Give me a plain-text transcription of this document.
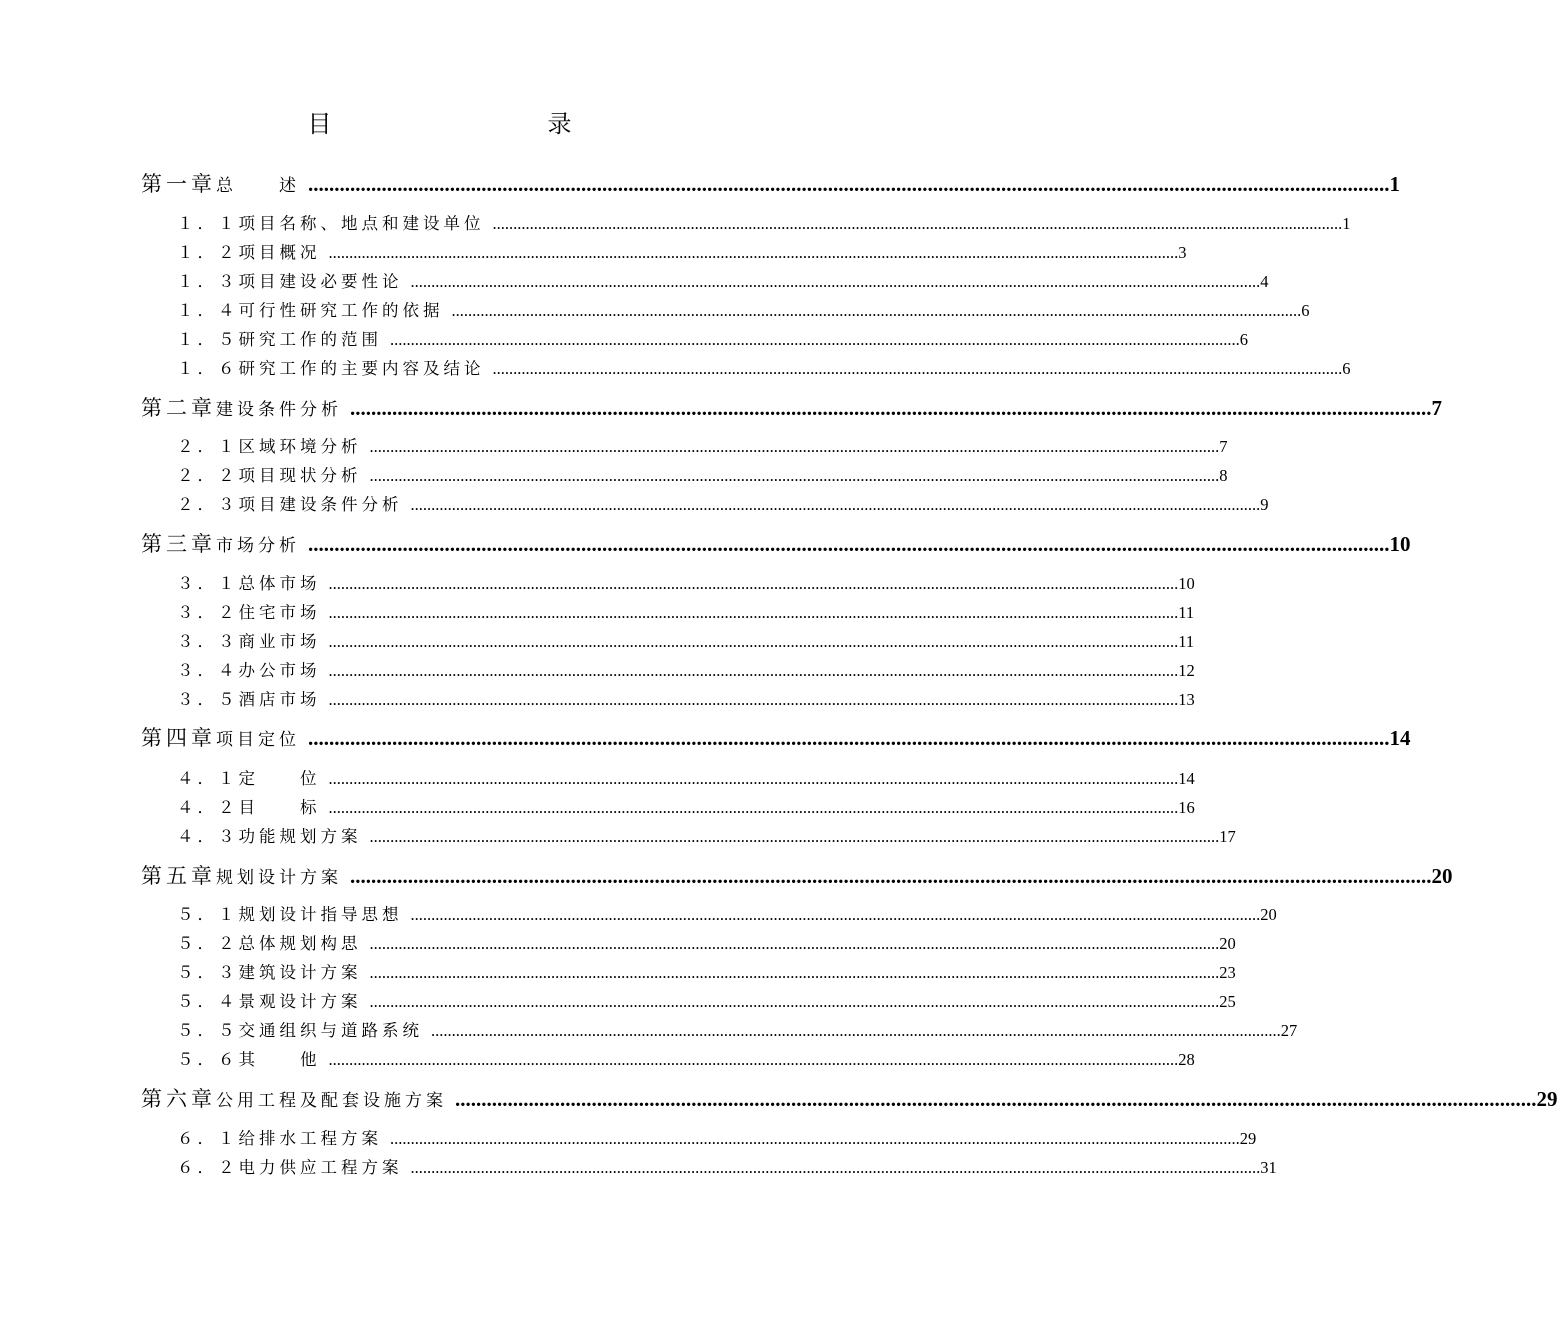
目　　录
第一章 总　　述 .............................................................................................................................................................................................................. 1
１．１ 项目名称、地点和建设单位 .............................................................................................................................................................................................................. 1
１．２ 项目概况 .............................................................................................................................................................................................................. 3
１．３ 项目建设必要性论 .............................................................................................................................................................................................................. 4
１．４ 可行性研究工作的依据 .............................................................................................................................................................................................................. 6
１．５ 研究工作的范围 .............................................................................................................................................................................................................. 6
１．６ 研究工作的主要内容及结论 .............................................................................................................................................................................................................. 6
第二章 建设条件分析 .............................................................................................................................................................................................................. 7
２．１ 区域环境分析 .............................................................................................................................................................................................................. 7
２．２ 项目现状分析 .............................................................................................................................................................................................................. 8
２．３ 项目建设条件分析 .............................................................................................................................................................................................................. 9
第三章 市场分析 .............................................................................................................................................................................................................. 10
３．１ 总体市场 .............................................................................................................................................................................................................. 10
３．２ 住宅市场 .............................................................................................................................................................................................................. 11
３．３ 商业市场 .............................................................................................................................................................................................................. 11
３．４ 办公市场 .............................................................................................................................................................................................................. 12
３．５ 酒店市场 .............................................................................................................................................................................................................. 13
第四章 项目定位 .............................................................................................................................................................................................................. 14
４．１ 定　　位 .............................................................................................................................................................................................................. 14
４．２ 目　　标 .............................................................................................................................................................................................................. 16
４．３ 功能规划方案 .............................................................................................................................................................................................................. 17
第五章 规划设计方案 .............................................................................................................................................................................................................. 20
５．１ 规划设计指导思想 .............................................................................................................................................................................................................. 20
５．２ 总体规划构思 .............................................................................................................................................................................................................. 20
５．３ 建筑设计方案 .............................................................................................................................................................................................................. 23
５．４ 景观设计方案 .............................................................................................................................................................................................................. 25
５．５ 交通组织与道路系统 .............................................................................................................................................................................................................. 27
５．６ 其　　他 .............................................................................................................................................................................................................. 28
第六章 公用工程及配套设施方案 .............................................................................................................................................................................................................. 29
６．１ 给排水工程方案 .............................................................................................................................................................................................................. 29
６．２ 电力供应工程方案 .............................................................................................................................................................................................................. 31
